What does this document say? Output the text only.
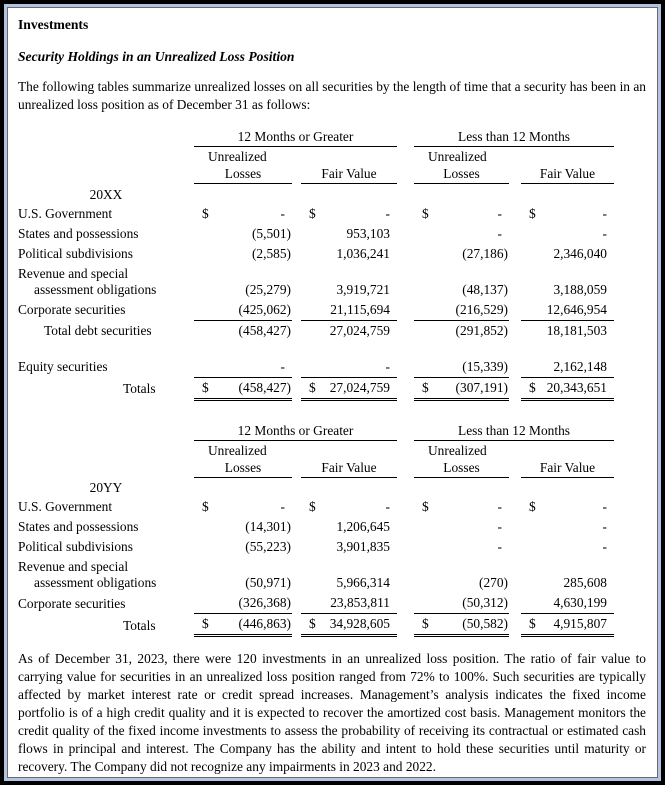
Investments
Security Holdings in an Unrealized Loss Position

The following tables summarize unrealized losses on all securities by the length of time that a security has been in an unrealized loss position as of December 31 as follows:

	12 Months or Greater				Less than 12 Months		

Unrealized
Losses		Fair Value

Unrealized
Losses		Fair Value

20XX							

U.S. Government	$ -		$ -		$ -		$ -

States and possessions	(5,501)		953,103		-		-

Political subdivisions	(2,585)		1,036,241		(27,186)		2,346,040

Revenue and special
assessment obligations	(25,279)		3,919,721		(48,137)		3,188,059

Corporate securities	(425,062)		21,115,694		(216,529)		12,646,954

Total debt securities	(458,427)		27,024,759		(291,852)		18,181,503

Equity securities	-		-		(15,339)		2,162,148

Totals	$ (458,427)		$ 27,024,759		$ (307,191)		$ 20,343,651
	12 Months or Greater				Less than 12 Months		

Unrealized
Losses		Fair Value

Unrealized
Losses		Fair Value

20YY							

U.S. Government	$ -		$ -		$ -		$ -

States and possessions	(14,301)		1,206,645		-		-

Political subdivisions	(55,223)		3,901,835		-		-

Revenue and special
assessment obligations	(50,971)		5,966,314		(270)		285,608

Corporate securities	(326,368)		23,853,811		(50,312)		4,630,199

Totals	$ (446,863)		$ 34,928,605		$ (50,582)		$ 4,915,807

As of December 31, 2023, there were 120 investments in an unrealized loss position. The ratio of fair value to carrying value for securities in an unrealized loss position ranged from 72% to 100%. Such securities are typically affected by market interest rate or credit spread increases. Management’s analysis indicates the fixed income portfolio is of a high credit quality and it is expected to recover the amortized cost basis. Management monitors the credit quality of the fixed income investments to assess the probability of receiving its contractual or estimated cash flows in principal and interest. The Company has the ability and intent to hold these securities until maturity or recovery. The Company did not recognize any impairments in 2023 and 2022.
